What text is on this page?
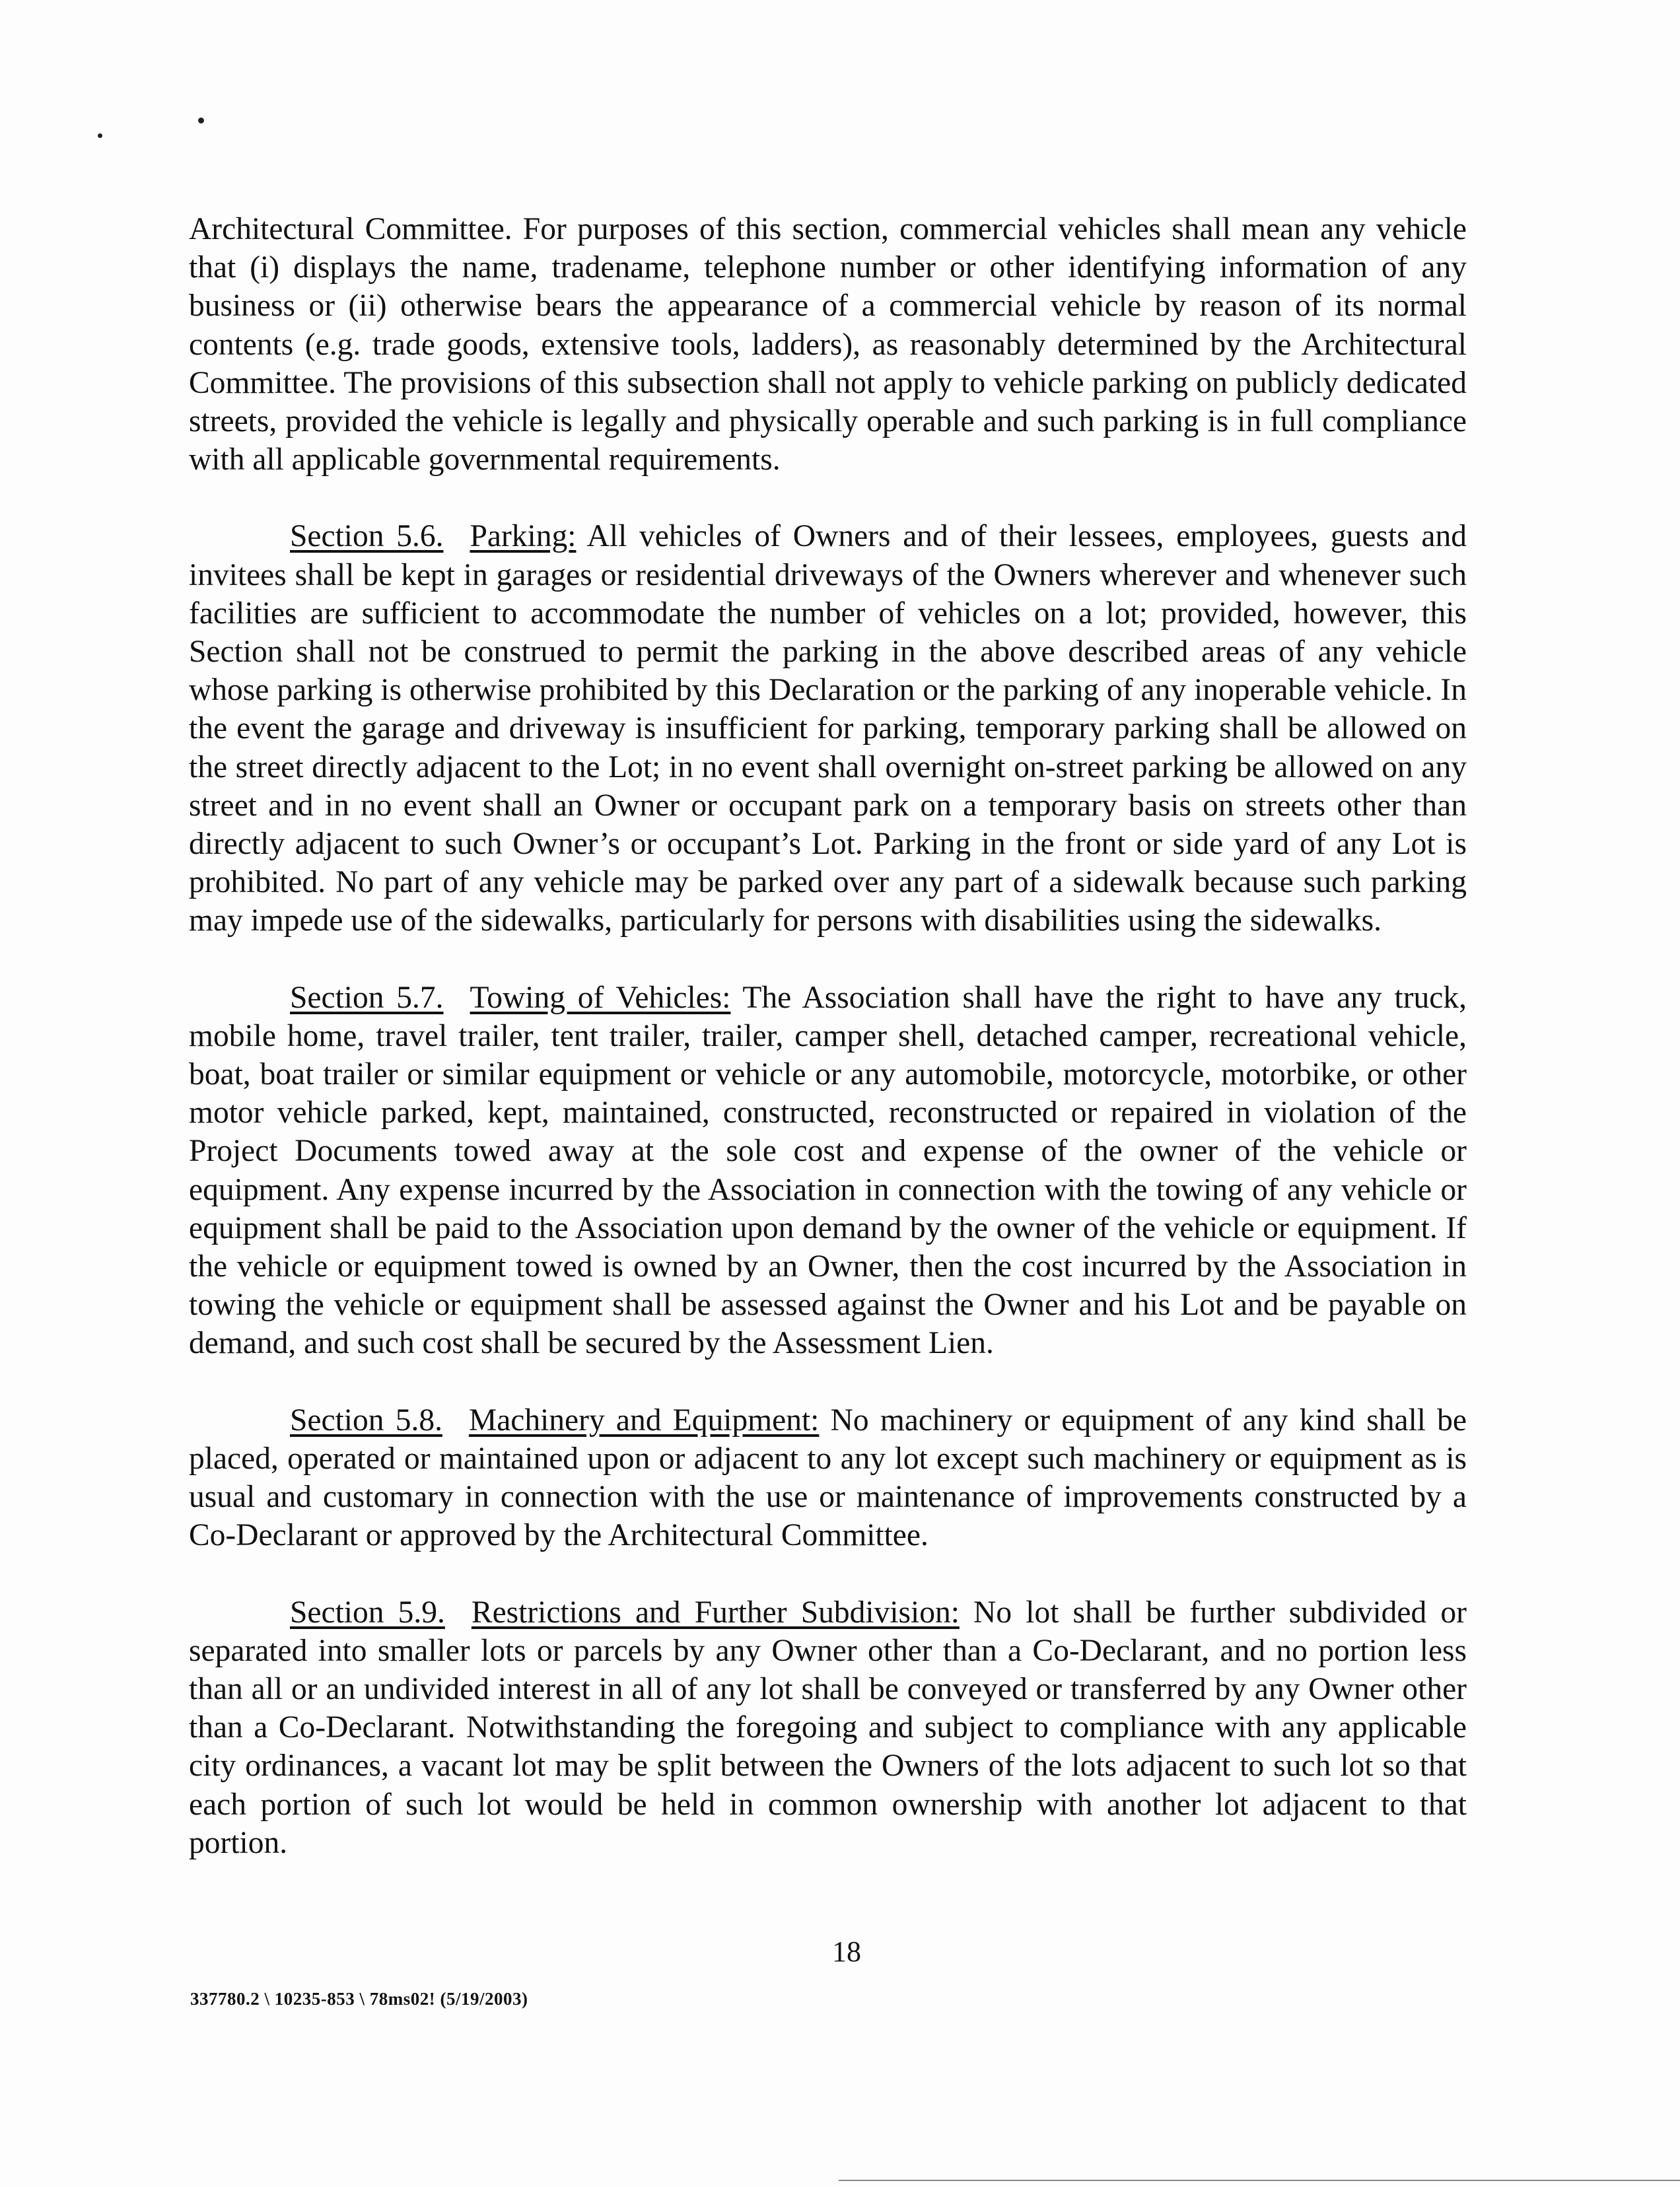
Architectural Committee. For purposes of this section, commercial vehicles shall mean any vehicle that (i) displays the name, tradename, telephone number or other identifying information of any business or (ii) otherwise bears the appearance of a commercial vehicle by reason of its normal contents (e.g. trade goods, extensive tools, ladders), as reasonably determined by the Architectural Committee. The provisions of this subsection shall not apply to vehicle parking on publicly dedicated streets, provided the vehicle is legally and physically operable and such parking is in full compliance with all applicable governmental requirements.

Section 5.6. Parking: All vehicles of Owners and of their lessees, employees, guests and invitees shall be kept in garages or residential driveways of the Owners wherever and whenever such facilities are sufficient to accommodate the number of vehicles on a lot; provided, however, this Section shall not be construed to permit the parking in the above described areas of any vehicle whose parking is otherwise prohibited by this Declaration or the parking of any inoperable vehicle. In the event the garage and driveway is insufficient for parking, temporary parking shall be allowed on the street directly adjacent to the Lot; in no event shall overnight on-street parking be allowed on any street and in no event shall an Owner or occupant park on a temporary basis on streets other than directly adjacent to such Owner’s or occupant’s Lot. Parking in the front or side yard of any Lot is prohibited. No part of any vehicle may be parked over any part of a sidewalk because such parking may impede use of the sidewalks, particularly for persons with disabilities using the sidewalks.

Section 5.7. Towing of Vehicles: The Association shall have the right to have any truck, mobile home, travel trailer, tent trailer, trailer, camper shell, detached camper, recreational vehicle, boat, boat trailer or similar equipment or vehicle or any automobile, motorcycle, motorbike, or other motor vehicle parked, kept, maintained, constructed, reconstructed or repaired in violation of the Project Documents towed away at the sole cost and expense of the owner of the vehicle or equipment. Any expense incurred by the Association in connection with the towing of any vehicle or equipment shall be paid to the Association upon demand by the owner of the vehicle or equipment. If the vehicle or equipment towed is owned by an Owner, then the cost incurred by the Association in towing the vehicle or equipment shall be assessed against the Owner and his Lot and be payable on demand, and such cost shall be secured by the Assessment Lien.

Section 5.8. Machinery and Equipment: No machinery or equipment of any kind shall be placed, operated or maintained upon or adjacent to any lot except such machinery or equipment as is usual and customary in connection with the use or maintenance of improvements constructed by a Co-Declarant or approved by the Architectural Committee.

Section 5.9. Restrictions and Further Subdivision: No lot shall be further subdivided or separated into smaller lots or parcels by any Owner other than a Co-Declarant, and no portion less than all or an undivided interest in all of any lot shall be conveyed or transferred by any Owner other than a Co-Declarant. Notwithstanding the foregoing and subject to compliance with any applicable city ordinances, a vacant lot may be split between the Owners of the lots adjacent to such lot so that each portion of such lot would be held in common ownership with another lot adjacent to that portion.

18
337780.2 \ 10235-853 \ 78ms02! (5/19/2003)
